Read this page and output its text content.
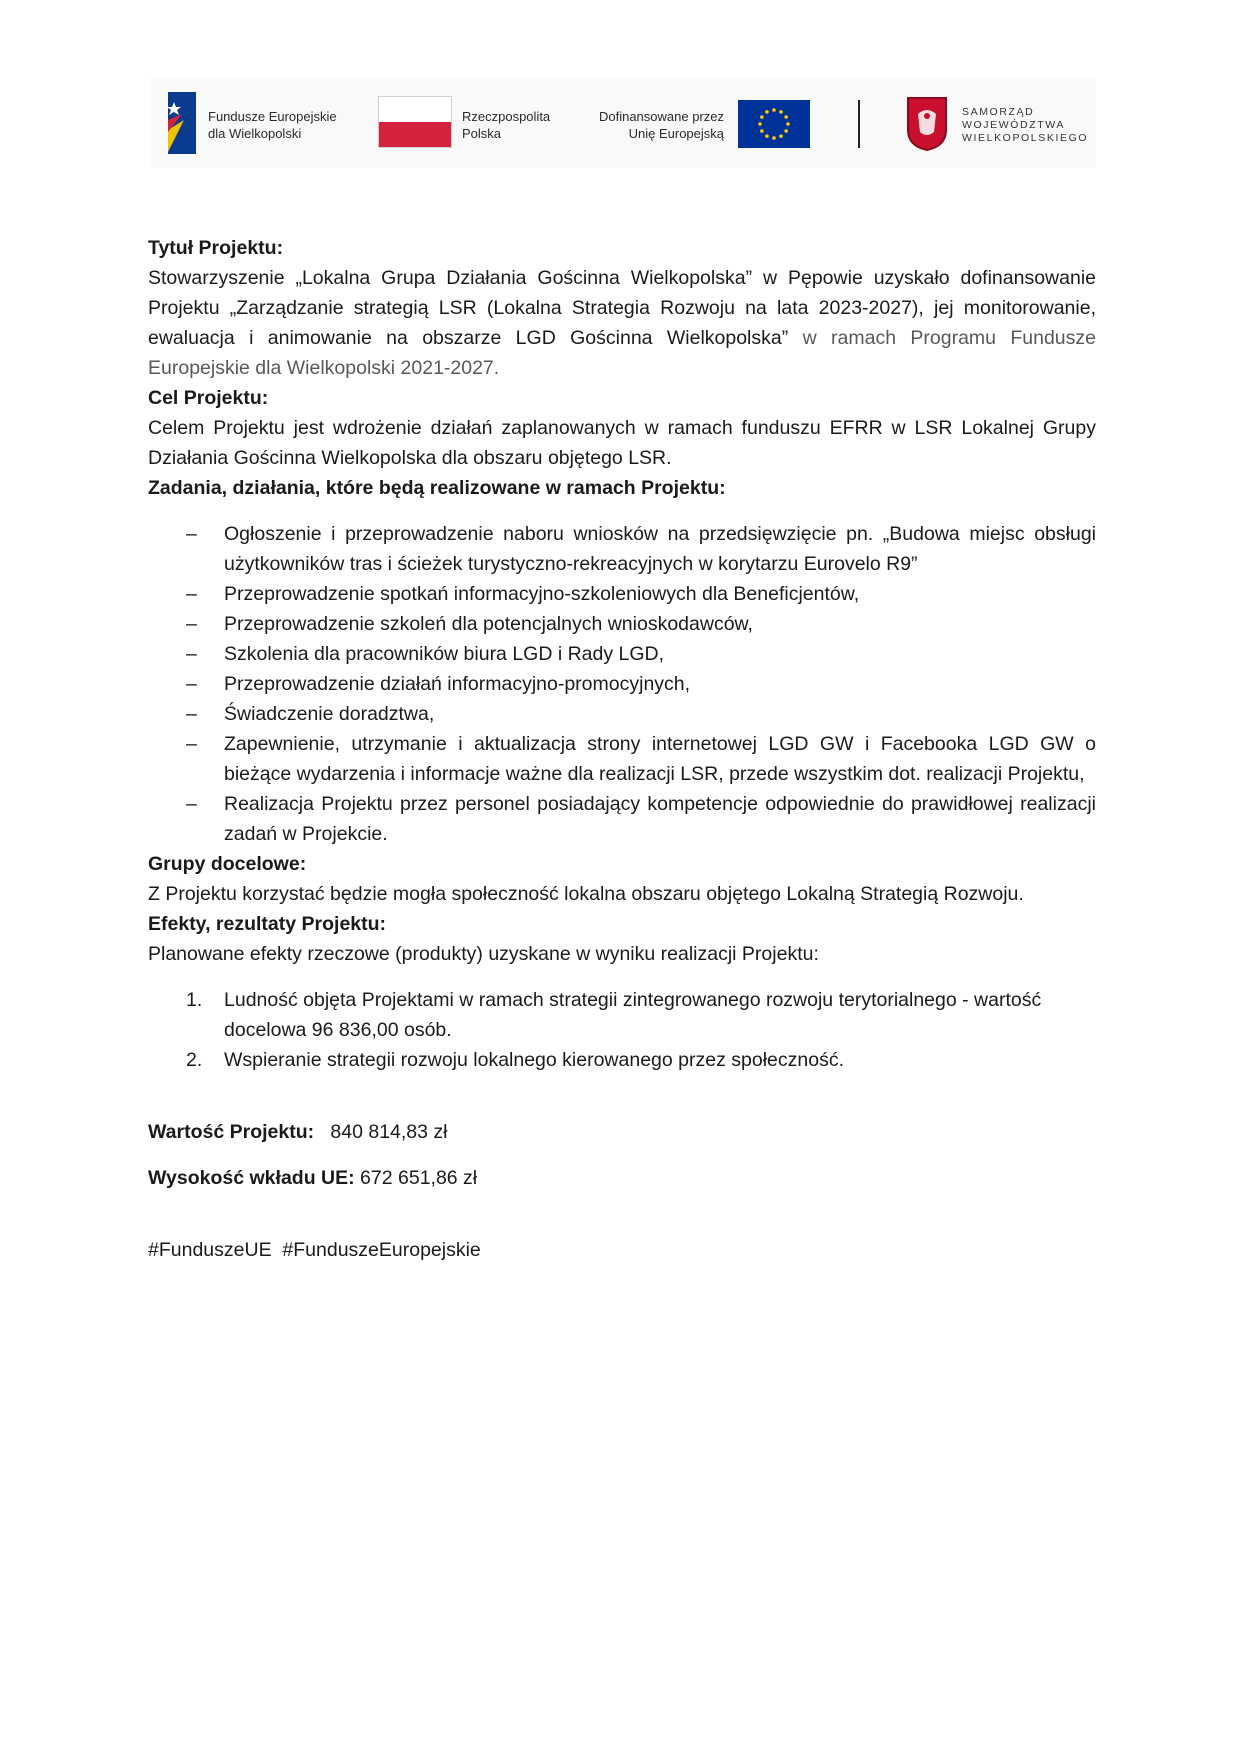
Fundusze Europejskie
dla Wielkopolski
Rzeczpospolita
Polska
Dofinansowane przez
Unię Europejską
SAMORZĄD
WOJEWÓDZTWA
WIELKOPOLSKIEGO

Tytuł Projektu:

Stowarzyszenie „Lokalna Grupa Działania Gościnna Wielkopolska” w Pępowie uzyskało dofinansowanie Projektu „Zarządzanie strategią LSR (Lokalna Strategia Rozwoju na lata 2023-2027), jej monitorowanie, ewaluacja i animowanie na obszarze LGD Gościnna Wielkopolska” w ramach Programu Fundusze Europejskie dla Wielkopolski 2021-2027.

Cel Projektu:

Celem Projektu jest wdrożenie działań zaplanowanych w ramach funduszu EFRR w LSR Lokalnej Grupy Działania Gościnna Wielkopolska dla obszaru objętego LSR.

Zadania, działania, które będą realizowane w ramach Projektu:

– Ogłoszenie i przeprowadzenie naboru wniosków na przedsięwzięcie pn. „Budowa miejsc obsługi użytkowników tras i ścieżek turystyczno-rekreacyjnych w korytarzu Eurovelo R9”
– Przeprowadzenie spotkań informacyjno-szkoleniowych dla Beneficjentów,
– Przeprowadzenie szkoleń dla potencjalnych wnioskodawców,
– Szkolenia dla pracowników biura LGD i Rady LGD,
– Przeprowadzenie działań informacyjno-promocyjnych,
– Świadczenie doradztwa,
– Zapewnienie, utrzymanie i aktualizacja strony internetowej LGD GW i Facebooka LGD GW o bieżące wydarzenia i informacje ważne dla realizacji LSR, przede wszystkim dot. realizacji Projektu,
– Realizacja Projektu przez personel posiadający kompetencje odpowiednie do prawidłowej realizacji zadań w Projekcie.

Grupy docelowe:

Z Projektu korzystać będzie mogła społeczność lokalna obszaru objętego Lokalną Strategią Rozwoju.

Efekty, rezultaty Projektu:

Planowane efekty rzeczowe (produkty) uzyskane w wyniku realizacji Projektu:

1. Ludność objęta Projektami w ramach strategii zintegrowanego rozwoju terytorialnego - wartość docelowa 96 836,00 osób.
2. Wspieranie strategii rozwoju lokalnego kierowanego przez społeczność.

Wartość Projektu: 840 814,83 zł

Wysokość wkładu UE: 672 651,86 zł

#FunduszeUE  #FunduszeEuropejskie
